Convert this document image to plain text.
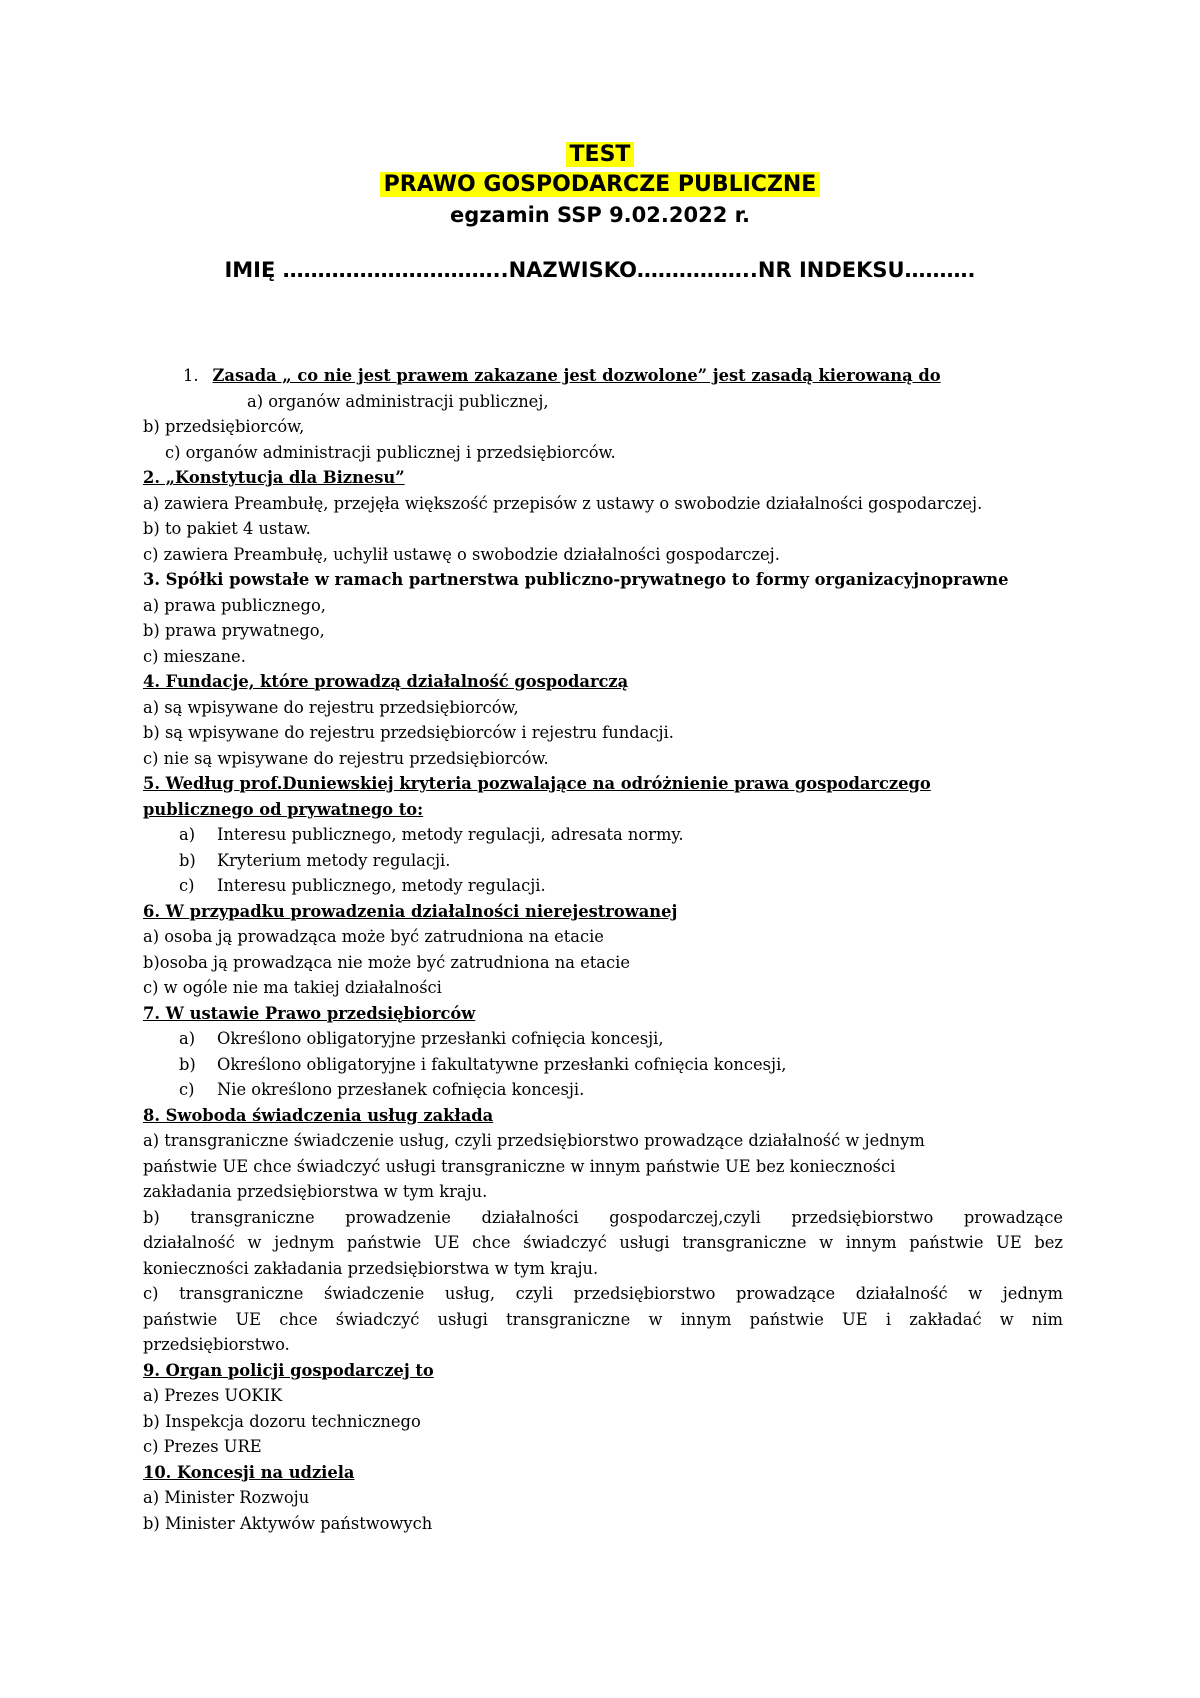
TEST
PRAWO GOSPODARCZE PUBLICZNE
egzamin SSP 9.02.2022 r.
IMIĘ …………………………..NAZWISKO……………..NR INDEKSU……….
1. Zasada „ co nie jest prawem zakazane jest dozwolone” jest zasadą kierowaną do
a) organów administracji publicznej,
b) przedsiębiorców,
c) organów administracji publicznej i przedsiębiorców.
2. „Konstytucja dla Biznesu”
a) zawiera Preambułę, przejęła większość przepisów z ustawy o swobodzie działalności gospodarczej.
b) to pakiet 4 ustaw.
c) zawiera Preambułę, uchylił ustawę o swobodzie działalności gospodarczej.
3. Spółki powstałe w ramach partnerstwa publiczno-prywatnego to formy organizacyjnoprawne
a) prawa publicznego,
b) prawa prywatnego,
c) mieszane.
4. Fundacje, które prowadzą działalność gospodarczą
a) są wpisywane do rejestru przedsiębiorców,
b) są wpisywane do rejestru przedsiębiorców i rejestru fundacji.
c) nie są wpisywane do rejestru przedsiębiorców.
5. Według prof.Duniewskiej kryteria pozwalające na odróżnienie prawa gospodarczego
publicznego od prywatnego to:
a) Interesu publicznego, metody regulacji, adresata normy.
b) Kryterium metody regulacji.
c) Interesu publicznego, metody regulacji.
6. W przypadku prowadzenia działalności nierejestrowanej
a) osoba ją prowadząca może być zatrudniona na etacie
b)osoba ją prowadząca nie może być zatrudniona na etacie
c) w ogóle nie ma takiej działalności
7. W ustawie Prawo przedsiębiorców
a) Określono obligatoryjne przesłanki cofnięcia koncesji,
b) Określono obligatoryjne i fakultatywne przesłanki cofnięcia koncesji,
c) Nie określono przesłanek cofnięcia koncesji.
8. Swoboda świadczenia usług zakłada
a) transgraniczne świadczenie usług, czyli przedsiębiorstwo prowadzące działalność w jednym
państwie UE chce świadczyć usługi transgraniczne w innym państwie UE bez konieczności
zakładania przedsiębiorstwa w tym kraju.
b) transgraniczne prowadzenie działalności gospodarczej,czyli przedsiębiorstwo prowadzące
działalność w jednym państwie UE chce świadczyć usługi transgraniczne w innym państwie UE bez
konieczności zakładania przedsiębiorstwa w tym kraju.
c) transgraniczne świadczenie usług, czyli przedsiębiorstwo prowadzące działalność w jednym
państwie UE chce świadczyć usługi transgraniczne w innym państwie UE i zakładać w nim
przedsiębiorstwo.
9. Organ policji gospodarczej to
a) Prezes UOKIK
b) Inspekcja dozoru technicznego
c) Prezes URE
10. Koncesji na udziela
a) Minister Rozwoju
b) Minister Aktywów państwowych
